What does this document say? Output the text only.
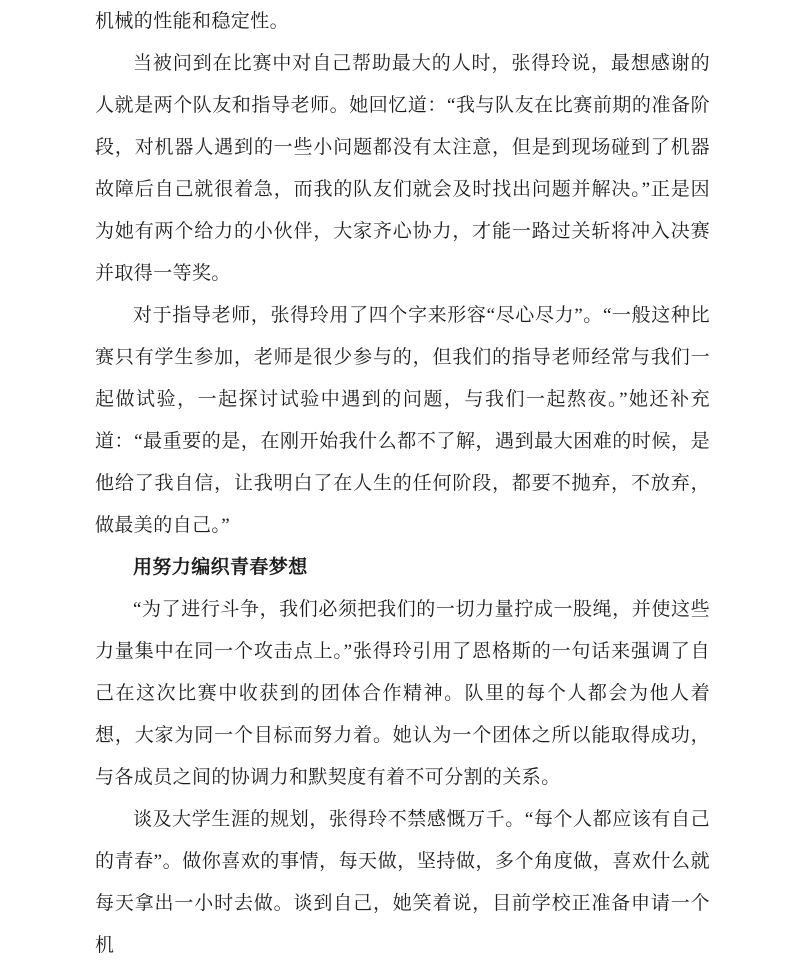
机械的性能和稳定性。

当被问到在比赛中对自己帮助最大的人时，张得玲说，最想感谢的人就是两个队友和指导老师。她回忆道：“我与队友在比赛前期的准备阶段，对机器人遇到的一些小问题都没有太注意，但是到现场碰到了机器故障后自己就很着急，而我的队友们就会及时找出问题并解决。”正是因为她有两个给力的小伙伴，大家齐心协力，才能一路过关斩将冲入决赛并取得一等奖。

对于指导老师，张得玲用了四个字来形容“尽心尽力”。“一般这种比赛只有学生参加，老师是很少参与的，但我们的指导老师经常与我们一起做试验，一起探讨试验中遇到的问题，与我们一起熬夜。”她还补充道：“最重要的是，在刚开始我什么都不了解，遇到最大困难的时候，是他给了我自信，让我明白了在人生的任何阶段，都要不抛弃，不放弃，做最美的自己。”

用努力编织青春梦想

“为了进行斗争，我们必须把我们的一切力量拧成一股绳，并使这些力量集中在同一个攻击点上。”张得玲引用了恩格斯的一句话来强调了自己在这次比赛中收获到的团体合作精神。队里的每个人都会为他人着想，大家为同一个目标而努力着。她认为一个团体之所以能取得成功，与各成员之间的协调力和默契度有着不可分割的关系。

谈及大学生涯的规划，张得玲不禁感慨万千。“每个人都应该有自己的青春”。做你喜欢的事情，每天做，坚持做，多个角度做，喜欢什么就每天拿出一小时去做。谈到自己，她笑着说，目前学校正准备申请一个机
